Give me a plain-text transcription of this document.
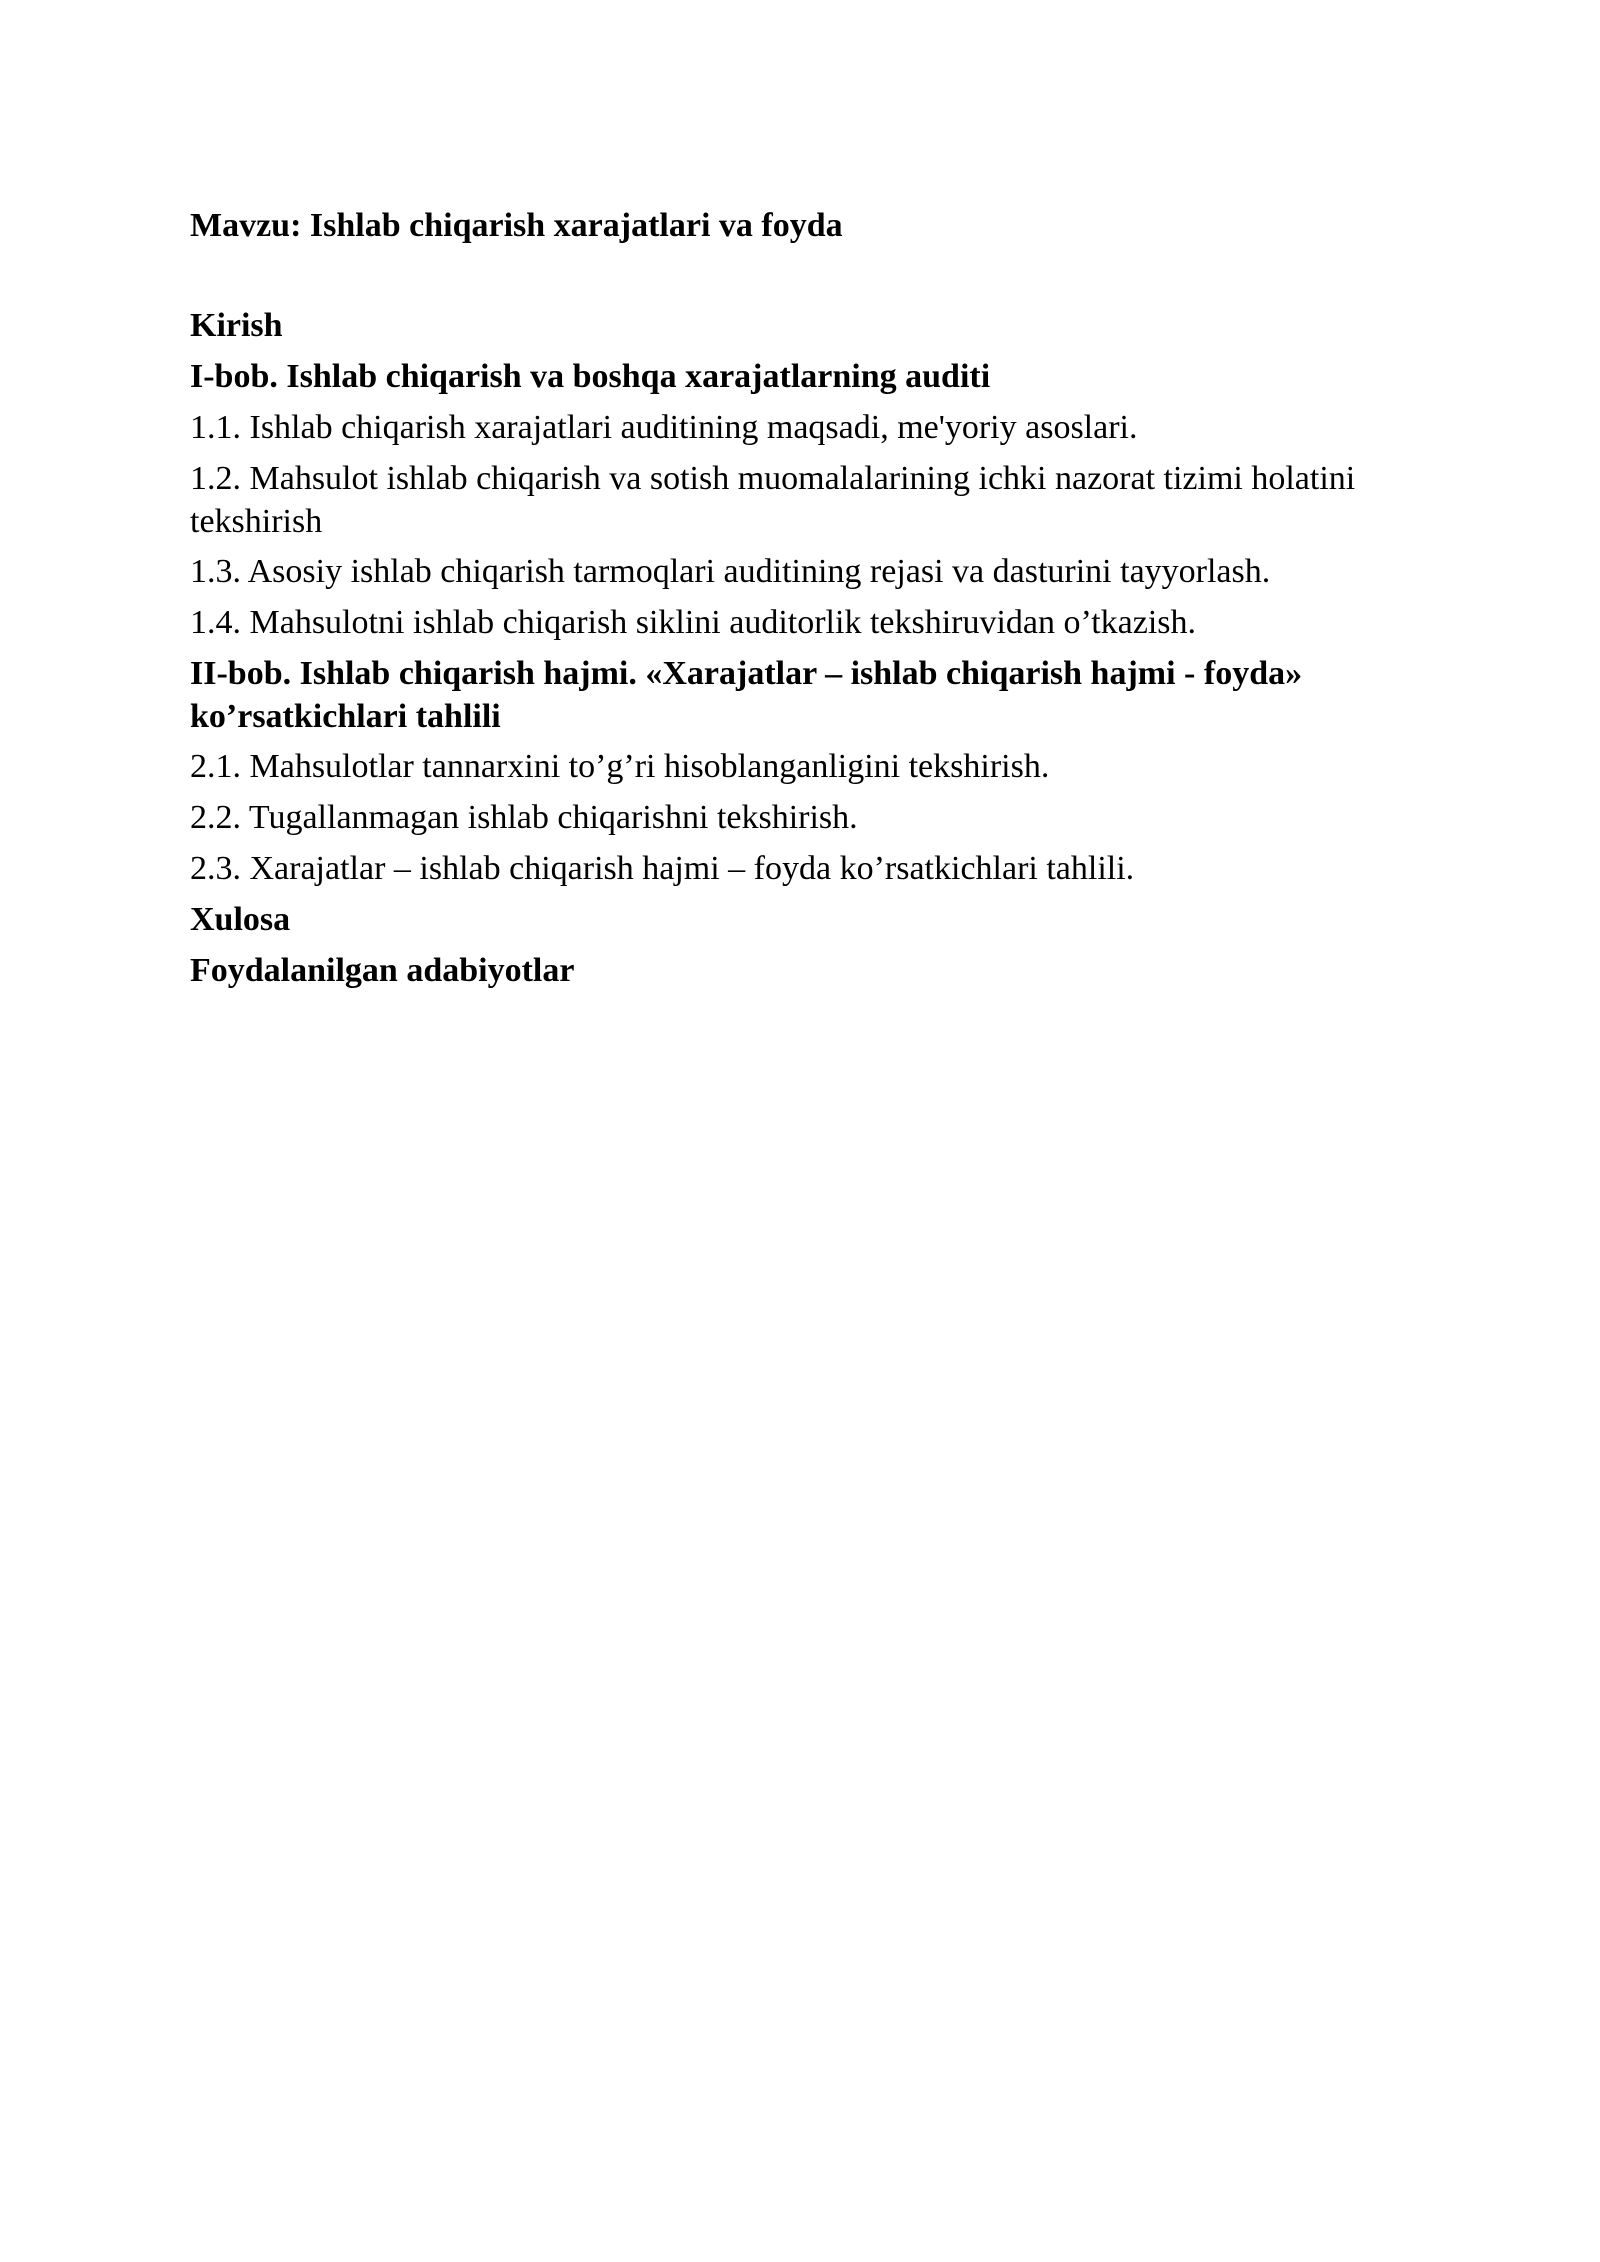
Mavzu: Ishlab chiqarish xarajatlari va foyda
Kirish
I-bob. Ishlab chiqarish va boshqa xarajatlarning auditi
1.1. Ishlab chiqarish xarajatlari auditining maqsadi, me'yoriy asoslari.
1.2. Mahsulot ishlab chiqarish va sotish muomalalarining ichki nazorat tizimi holatini tekshirish
1.3. Asosiy ishlab chiqarish tarmoqlari auditining rejasi va dasturini tayyorlash.
1.4. Mahsulotni ishlab chiqarish siklini auditorlik tekshiruvidan o’tkazish.
II-bob. Ishlab chiqarish hajmi. «Xarajatlar – ishlab chiqarish hajmi - foyda» ko’rsatkichlari tahlili
2.1. Mahsulotlar tannarxini to’g’ri hisoblanganligini tekshirish.
2.2. Tugallanmagan ishlab chiqarishni tekshirish.
2.3. Xarajatlar – ishlab chiqarish hajmi – foyda ko’rsatkichlari tahlili.
Xulosa
Foydalanilgan adabiyotlar
